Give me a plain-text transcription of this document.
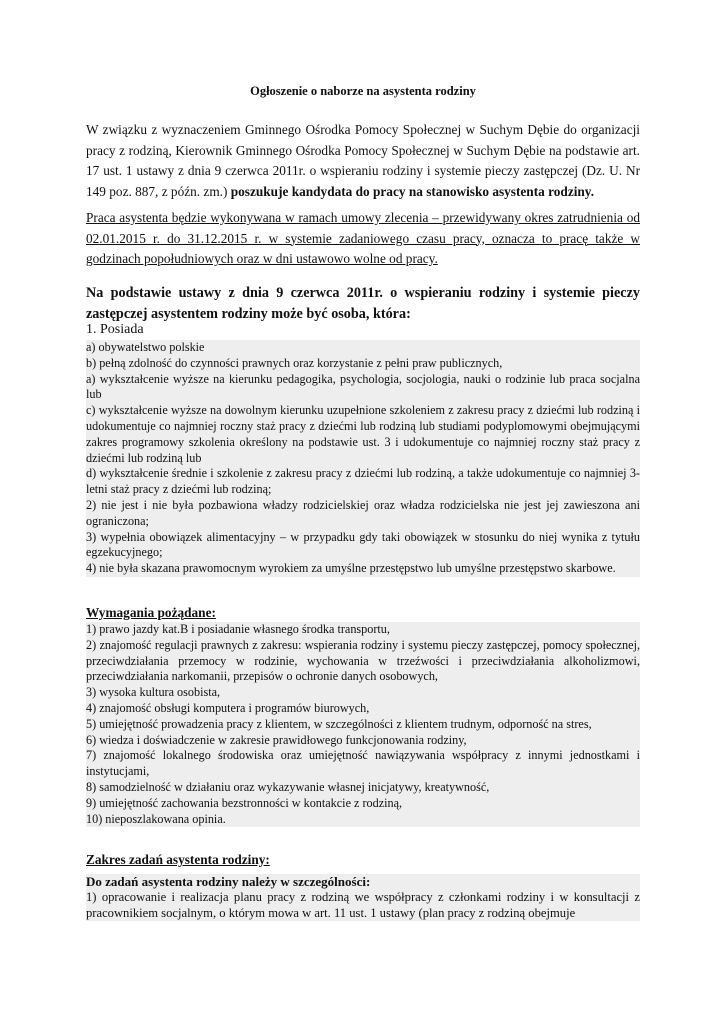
Ogłoszenie o naborze na asystenta rodziny
W związku z wyznaczeniem Gminnego Ośrodka Pomocy Społecznej w Suchym Dębie do organizacji pracy z rodziną, Kierownik Gminnego Ośrodka Pomocy Społecznej w Suchym Dębie na podstawie art. 17 ust. 1 ustawy z dnia 9 czerwca 2011r. o wspieraniu rodziny i systemie pieczy zastępczej (Dz. U. Nr 149 poz. 887, z późn. zm.) poszukuje kandydata do pracy na stanowisko asystenta rodziny.
Praca asystenta będzie wykonywana w ramach umowy zlecenia – przewidywany okres zatrudnienia od 02.01.2015 r. do 31.12.2015 r. w systemie zadaniowego czasu pracy, oznacza to pracę także w godzinach popołudniowych oraz w dni ustawowo wolne od pracy.
Na podstawie ustawy z dnia 9 czerwca 2011r. o wspieraniu rodziny i systemie pieczy zastępczej asystentem rodziny może być osoba, która:
1. Posiada
a) obywatelstwo polskie
b) pełną zdolność do czynności prawnych oraz korzystanie z pełni praw publicznych,
a) wykształcenie wyższe na kierunku pedagogika, psychologia, socjologia, nauki o rodzinie lub praca socjalna lub
c) wykształcenie wyższe na dowolnym kierunku uzupełnione szkoleniem z zakresu pracy z dziećmi lub rodziną i udokumentuje co najmniej roczny staż pracy z dziećmi lub rodziną lub studiami podyplomowymi obejmującymi zakres programowy szkolenia określony na podstawie ust. 3 i udokumentuje co najmniej roczny staż pracy z dziećmi lub rodziną lub
d) wykształcenie średnie i szkolenie z zakresu pracy z dziećmi lub rodziną, a także udokumentuje co najmniej 3-letni staż pracy z dziećmi lub rodziną;
2) nie jest i nie była pozbawiona władzy rodzicielskiej oraz władza rodzicielska nie jest jej zawieszona ani ograniczona;
3) wypełnia obowiązek alimentacyjny – w przypadku gdy taki obowiązek w stosunku do niej wynika z tytułu egzekucyjnego;
4) nie była skazana prawomocnym wyrokiem za umyślne przestępstwo lub umyślne przestępstwo skarbowe.
Wymagania pożądane:
1) prawo jazdy kat.B i posiadanie własnego środka transportu,
2) znajomość regulacji prawnych z zakresu: wspierania rodziny i systemu pieczy zastępczej, pomocy społecznej, przeciwdziałania przemocy w rodzinie, wychowania w trzeźwości i przeciwdziałania alkoholizmowi, przeciwdziałania narkomanii, przepisów o ochronie danych osobowych,
3) wysoka kultura osobista,
4) znajomość obsługi komputera i programów biurowych,
5) umiejętność prowadzenia pracy z klientem, w szczególności z klientem trudnym, odporność na stres,
6) wiedza i doświadczenie w zakresie prawidłowego funkcjonowania rodziny,
7) znajomość lokalnego środowiska oraz umiejętność nawiązywania współpracy z innymi jednostkami i instytucjami,
8) samodzielność w działaniu oraz wykazywanie własnej inicjatywy, kreatywność,
9) umiejętność zachowania bezstronności w kontakcie z rodziną,
10) nieposzlakowana opinia.
Zakres zadań asystenta rodziny:
Do zadań asystenta rodziny należy w szczególności:
1) opracowanie i realizacja planu pracy z rodziną we współpracy z członkami rodziny i w konsultacji z pracownikiem socjalnym, o którym mowa w art. 11 ust. 1 ustawy (plan pracy z rodziną obejmuje
